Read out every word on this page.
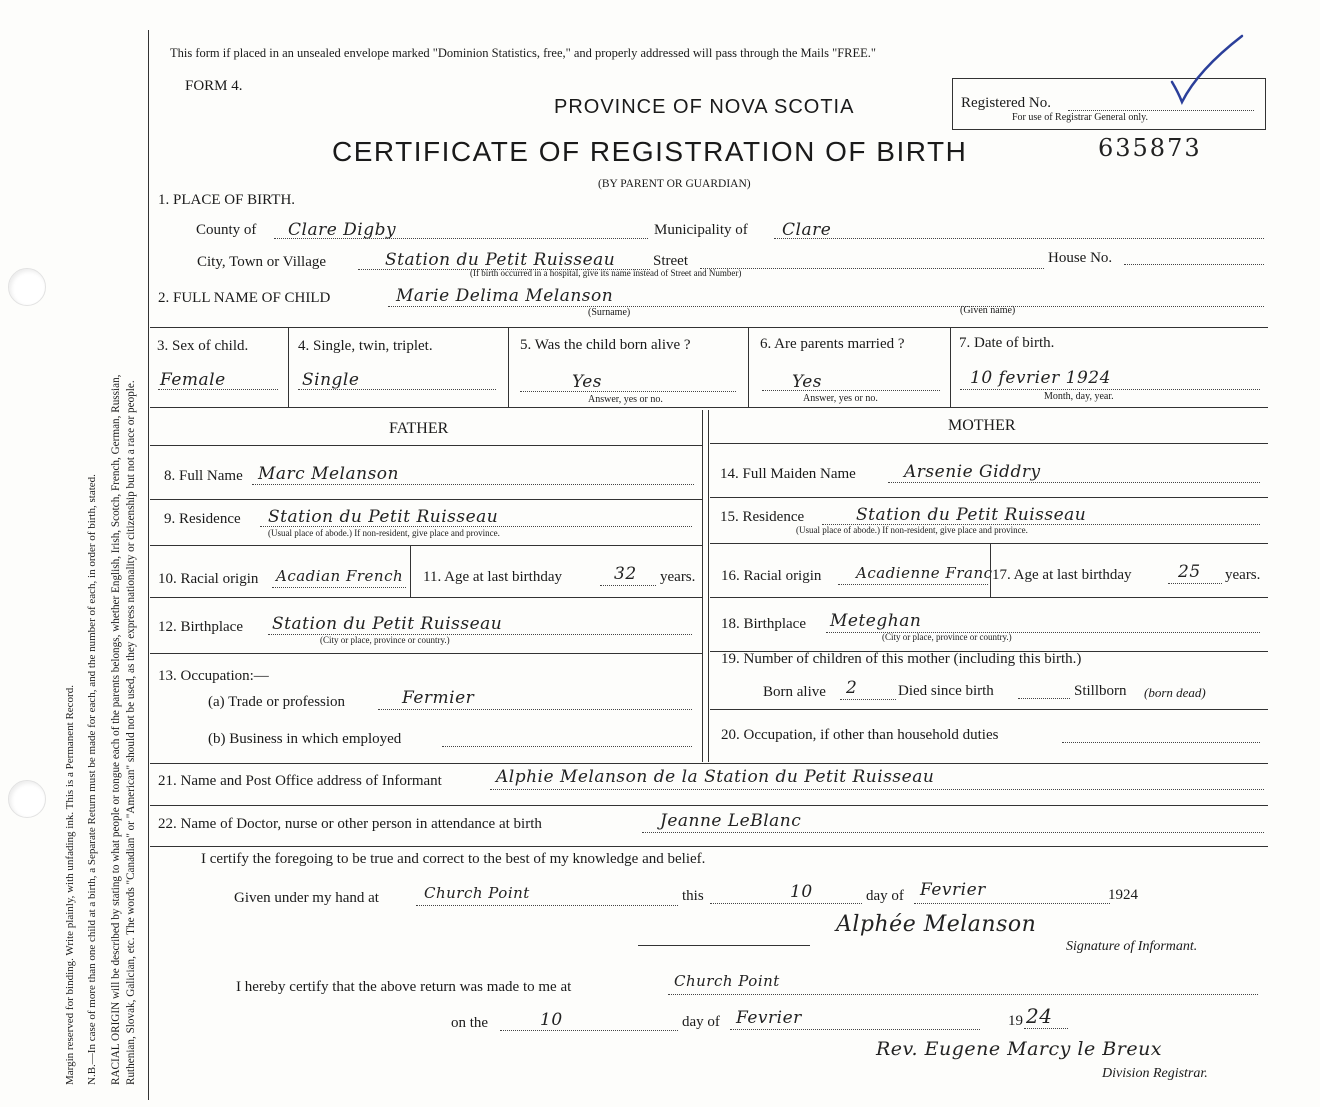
Margin reserved for binding. Write plainly, with unfading ink. This is a Permanent Record. N.B.—In case of more than one child at a birth, a Separate Return must be made for each, and the number of each, in order of birth, stated. RACIAL ORIGIN will be described by stating to what people or tongue each of the parents belongs, whether English, Irish, Scotch, French, German, Russian, Ruthenian, Slovak, Galician, etc. The words "Canadian" or "American" should not be used, as they express nationality or citizenship but not a race or people.
This form if placed in an unsealed envelope marked "Dominion Statistics, free," and properly addressed will pass through the Mails "FREE."
FORM 4.
PROVINCE OF NOVA SCOTIA
CERTIFICATE OF REGISTRATION OF BIRTH
(BY PARENT OR GUARDIAN)
Registered No.
For use of Registrar General only.
635873
1. PLACE OF BIRTH.
County of Clare Digby	Municipality of Clare
City, Town or Village	Station du Petit Ruisseau	Street
(If birth occurred in a hospital, give its name instead of Street and Number)
House No.
2. FULL NAME OF CHILD	Marie Delima Melanson
(Surname)	(Given name)
3. Sex of child.
Female
4. Single, twin, triplet.
Single
5. Was the child born alive ?
Yes
Answer, yes or no.
6. Are parents married ?
Yes
Answer, yes or no.
7. Date of birth.
10 fevrier 1924
Month, day, year.
FATHER	MOTHER
8. Full Name Marc Melanson	14. Full Maiden Name	Arsenie Giddry
9. Residence Station du Petit Ruisseau
(Usual place of abode.) If non-resident, give place and province.
15. Residence	Station du Petit Ruisseau
(Usual place of abode.) If non-resident, give place and province.
10. Racial origin Acadian French 11. Age at last birthday	32 years. 16. Racial origin Acadienne Franc 17. Age at last birthday	25 years.
12. Birthplace Station du Petit Ruisseau
(City or place, province or country.)
18. Birthplace Meteghan
(City or place, province or country.)
13. Occupation:—
(a) Trade or profession	Fermier
(b) Business in which employed
19. Number of children of this mother (including this birth.)
Born alive 2	Died since birth	Stillborn (born dead)
20. Occupation, if other than household duties
21. Name and Post Office address of Informant	Alphie Melanson de la Station du Petit Ruisseau
22. Name of Doctor, nurse or other person in attendance at birth	Jeanne LeBlanc
I certify the foregoing to be true and correct to the best of my knowledge and belief.
Given under my hand at	Church Point	this	10	day of Fevrier	1924
Alphée Melanson
Signature of Informant.
I hereby certify that the above return was made to me at	Church Point
on the	10	day of Fevrier	19 24
Rev. Eugene Marcy le Breux
Division Registrar.
